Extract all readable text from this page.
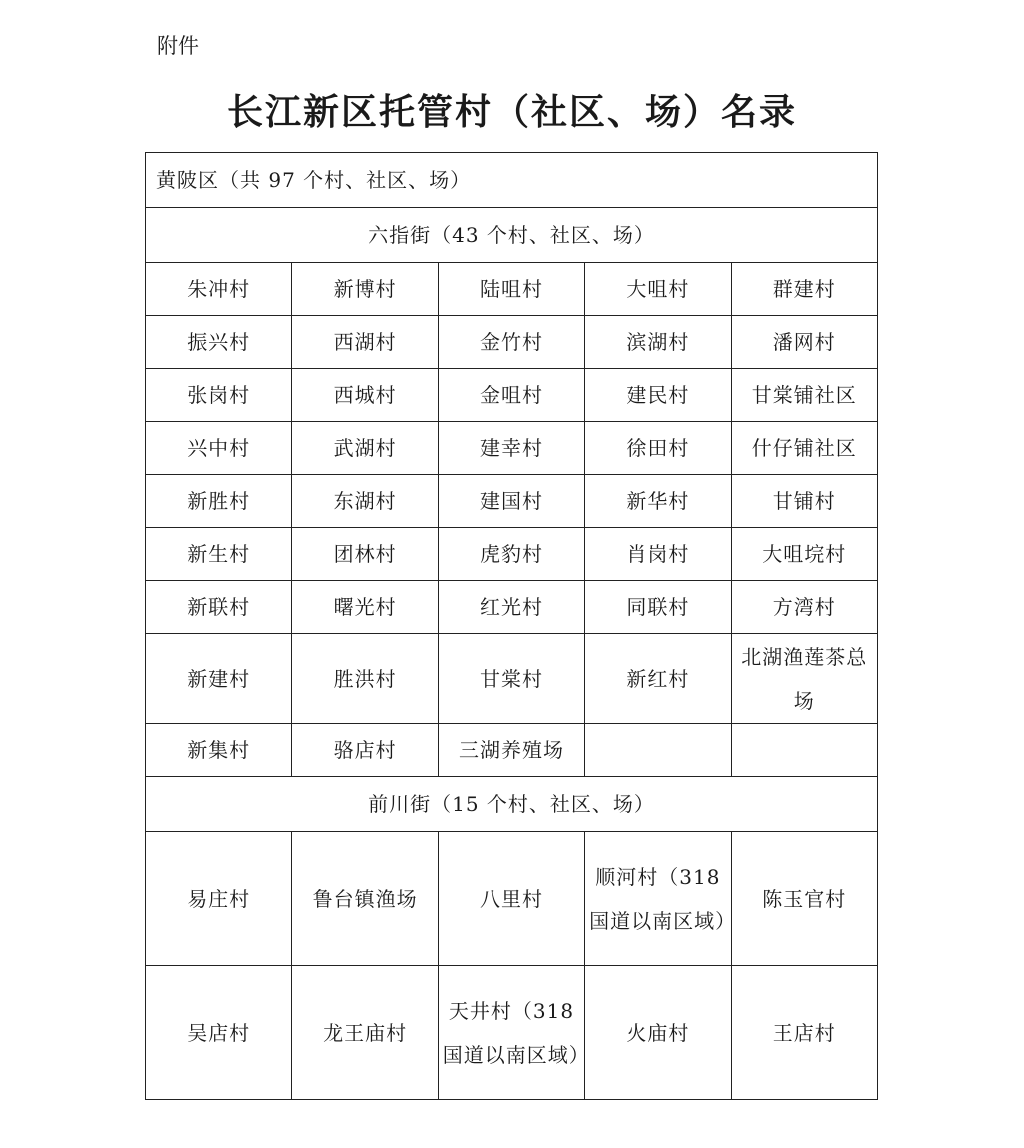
附件
长江新区托管村（社区、场）名录
黄陂区（共 97 个村、社区、场）				
六指街（43 个村、社区、场）				
朱冲村	新博村	陆咀村	大咀村	群建村
振兴村	西湖村	金竹村	滨湖村	潘网村
张岗村	西城村	金咀村	建民村	甘棠铺社区
兴中村	武湖村	建幸村	徐田村	什仔铺社区
新胜村	东湖村	建国村	新华村	甘铺村
新生村	团林村	虎豹村	肖岗村	大咀垸村
新联村	曙光村	红光村	同联村	方湾村
新建村	胜洪村	甘棠村	新红村	北湖渔莲茶总场
新集村	骆店村	三湖养殖场		
前川街（15 个村、社区、场）				
易庄村	鲁台镇渔场	八里村	顺河村（318国道以南区域）	陈玉官村
吴店村	龙王庙村	天井村（318国道以南区域）	火庙村	王店村
